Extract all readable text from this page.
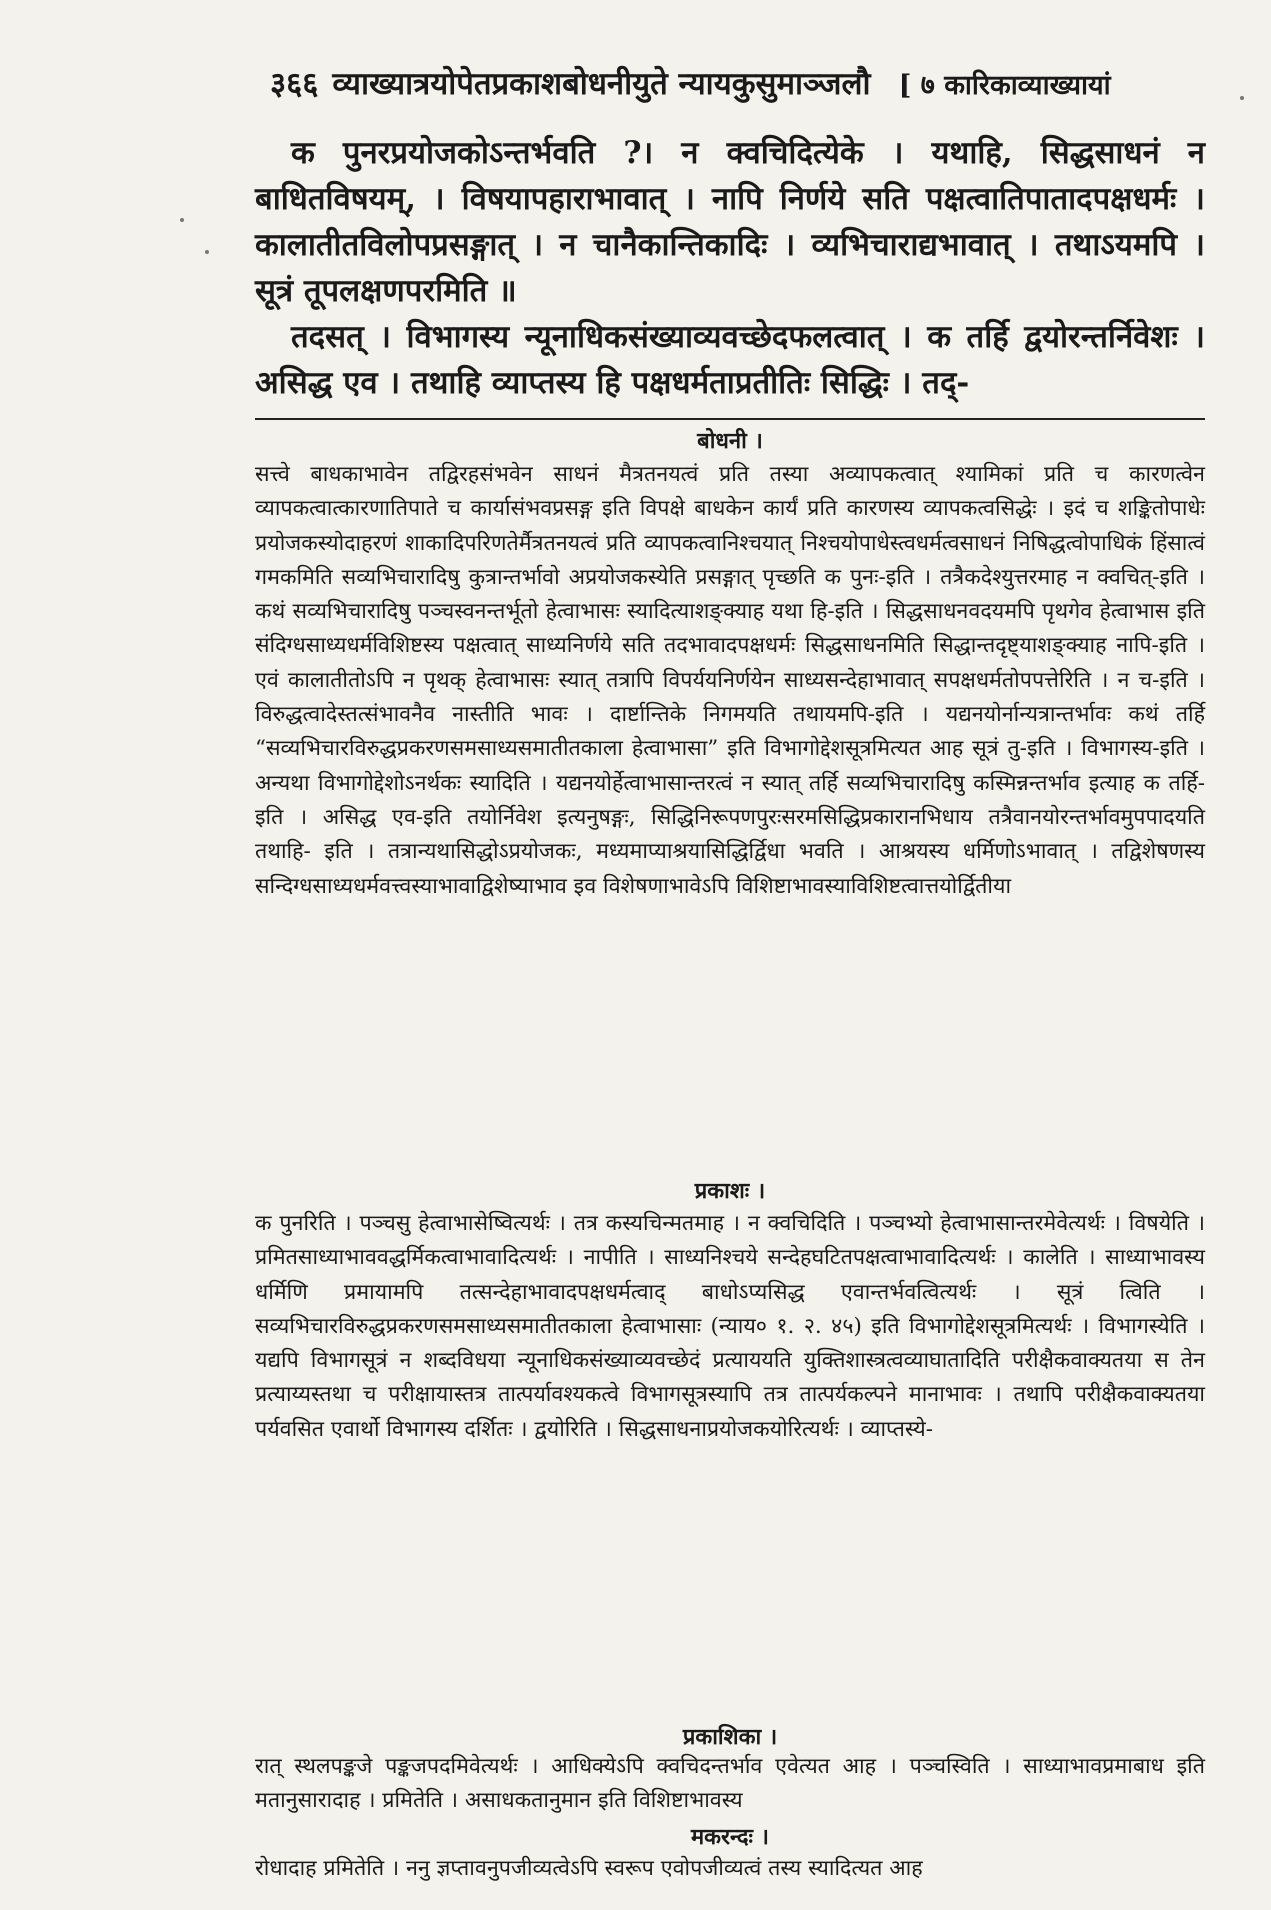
३६६ व्याख्यात्रयोपेतप्रकाशबोधनीयुते न्यायकुसुमाञ्जलौ [ ७ कारिकाव्याख्यायां

क पुनरप्रयोजकोऽन्तर्भवति ?। न क्वचिदित्येके । यथाहि, सिद्धसाधनं न बाधितविषयम्, । विषयापहाराभावात् । नापि निर्णये सति पक्षत्वातिपातादपक्षधर्मः । कालातीतविलोपप्रसङ्गात् । न चानैकान्तिकादिः । व्यभिचाराद्यभावात् । तथाऽयमपि । सूत्रं तूपलक्षणपरमिति ॥

तदसत् । विभागस्य न्यूनाधिकसंख्याव्यवच्छेदफलत्वात् । क तर्हि द्वयोरन्तर्निवेशः । असिद्ध एव । तथाहि व्याप्तस्य हि पक्षधर्मताप्रतीतिः सिद्धिः । तद्-

बोधनी ।

सत्त्वे बाधकाभावेन तद्विरहसंभवेन साधनं मैत्रतनयत्वं प्रति तस्या अव्यापकत्वात् श्यामिकां प्रति च कारणत्वेन व्यापकत्वात्कारणातिपाते च कार्यासंभवप्रसङ्ग इति विपक्षे बाधकेन कार्यं प्रति कारणस्य व्यापकत्वसिद्धेः । इदं च शङ्कितोपाधेः प्रयोजकस्योदाहरणं शाकादिपरिणतेर्मैत्रतनयत्वं प्रति व्यापकत्वानिश्चयात् निश्चयोपाधेस्त्वधर्मत्वसाधनं निषिद्धत्वोपाधिकं हिंसात्वं गमकमिति सव्यभिचारादिषु कुत्रान्तर्भावो अप्रयोजकस्येति प्रसङ्गात् पृच्छति क पुनः-इति । तत्रैकदेश्युत्तरमाह न क्वचित्-इति । कथं सव्यभिचारादिषु पञ्चस्वनन्तर्भूतो हेत्वाभासः स्यादित्याशङ्क्याह यथा हि-इति । सिद्धसाधनवदयमपि पृथगेव हेत्वाभास इति संदिग्धसाध्यधर्मविशिष्टस्य पक्षत्वात् साध्यनिर्णये सति तदभावादपक्षधर्मः सिद्धसाधनमिति सिद्धान्तदृष्ट्याशङ्क्याह नापि-इति । एवं कालातीतोऽपि न पृथक् हेत्वाभासः स्यात् तत्रापि विपर्ययनिर्णयेन साध्यसन्देहाभावात् सपक्षधर्मतोपपत्तेरिति । न च-इति । विरुद्धत्वादेस्तत्संभावनैव नास्तीति भावः । दार्ष्टान्तिके निगमयति तथायमपि-इति । यद्यनयोर्नान्यत्रान्तर्भावः कथं तर्हि “सव्यभिचारविरुद्धप्रकरणसमसाध्यसमातीतकाला हेत्वाभासा” इति विभागोद्देशसूत्रमित्यत आह सूत्रं तु-इति । विभागस्य-इति । अन्यथा विभागोद्देशोऽनर्थकः स्यादिति । यद्यनयोर्हेत्वाभासान्तरत्वं न स्यात् तर्हि सव्यभिचारादिषु कस्मिन्नन्तर्भाव इत्याह क तर्हि-इति । असिद्ध एव-इति तयोर्निवेश इत्यनुषङ्गः, सिद्धिनिरूपणपुरःसरमसिद्धिप्रकारानभिधाय तत्रैवानयोरन्तर्भावमुपपादयति तथाहि- इति । तत्रान्यथासिद्धोऽप्रयोजकः, मध्यमाप्याश्रयासिद्धिर्द्विधा भवति । आश्रयस्य धर्मिणोऽभावात् । तद्विशेषणस्य सन्दिग्धसाध्यधर्मवत्त्वस्याभावाद्विशेष्याभाव इव विशेषणाभावेऽपि विशिष्टाभावस्याविशिष्टत्वात्तयोर्द्वितीया

प्रकाशः ।

क पुनरिति । पञ्चसु हेत्वाभासेष्वित्यर्थः । तत्र कस्यचिन्मतमाह । न क्वचिदिति । पञ्चभ्यो हेत्वाभासान्तरमेवेत्यर्थः । विषयेति । प्रमितसाध्याभाववद्धर्मिकत्वाभावादित्यर्थः । नापीति । साध्यनिश्चये सन्देहघटितपक्षत्वाभावादित्यर्थः । कालेति । साध्याभावस्य धर्मिणि प्रमायामपि तत्सन्देहाभावादपक्षधर्मत्वाद् बाधोऽप्यसिद्ध एवान्तर्भवत्वित्यर्थः । सूत्रं त्विति । सव्यभिचारविरुद्धप्रकरणसमसाध्यसमातीतकाला हेत्वाभासाः (न्याय० १. २. ४५) इति विभागोद्देशसूत्रमित्यर्थः । विभागस्येति । यद्यपि विभागसूत्रं न शब्दविधया न्यूनाधिकसंख्याव्यवच्छेदं प्रत्याययति युक्तिशास्त्रत्वव्याघातादिति परीक्षैकवाक्यतया स तेन प्रत्याय्यस्तथा च परीक्षायास्तत्र तात्पर्यावश्यकत्वे विभागसूत्रस्यापि तत्र तात्पर्यकल्पने मानाभावः । तथापि परीक्षैकवाक्यतया पर्यवसित एवार्थो विभागस्य दर्शितः । द्वयोरिति । सिद्धसाधनाप्रयोजकयोरित्यर्थः । व्याप्तस्ये-

प्रकाशिका ।

रात् स्थलपङ्कजे पङ्कजपदमिवेत्यर्थः । आधिक्येऽपि क्वचिदन्तर्भाव एवेत्यत आह । पञ्चस्विति । साध्याभावप्रमाबाध इति मतानुसारादाह । प्रमितेति । असाधकतानुमान इति विशिष्टाभावस्य

मकरन्दः ।

रोधादाह प्रमितेति । ननु ज्ञप्तावनुपजीव्यत्वेऽपि स्वरूप एवोपजीव्यत्वं तस्य स्यादित्यत आह
